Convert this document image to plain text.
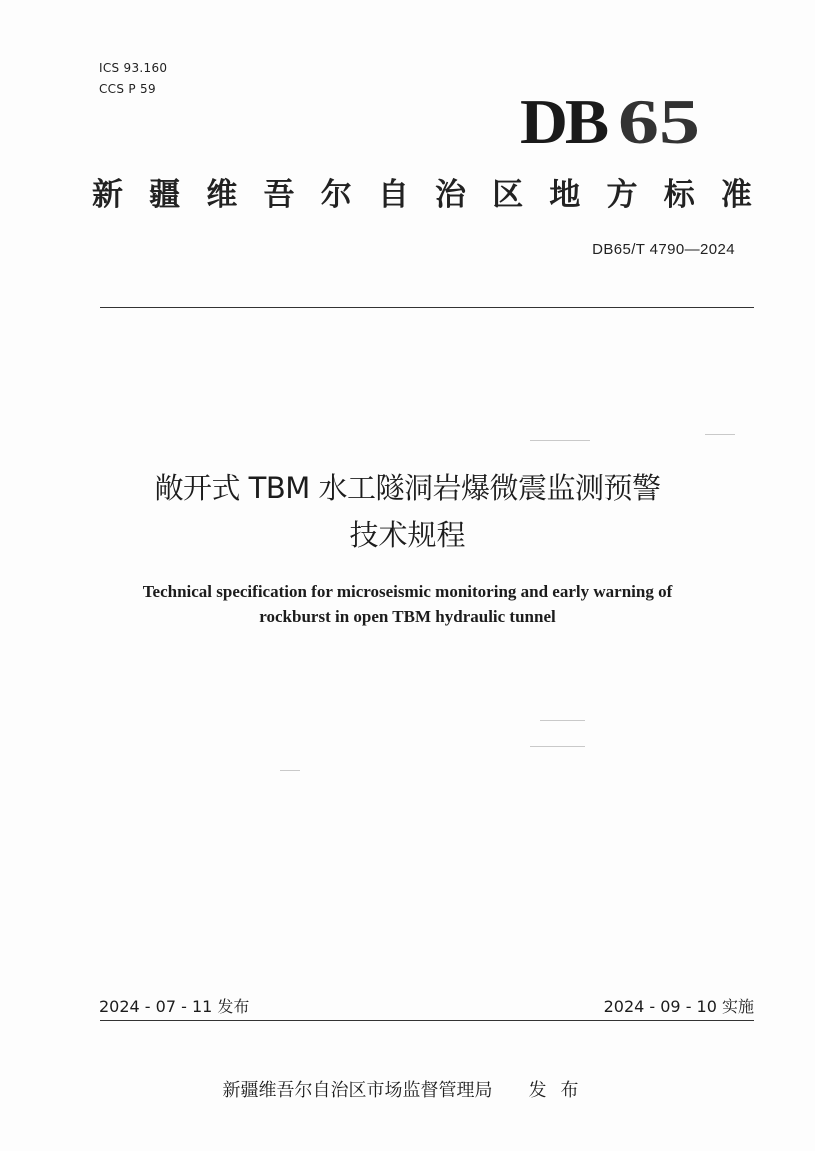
ICS 93.160
CCS P 59	DB 65
新 疆 维 吾 尔 自 治 区 地 方 标 准
DB65/T 4790—2024
敞开式 TBM 水工隧洞岩爆微震监测预警
技术规程
Technical specification for microseismic monitoring and early warning of
rockburst in open TBM hydraulic tunnel
2024 - 07 - 11 发布	2024 - 09 - 10 实施
新疆维吾尔自治区市场监督管理局 发布
